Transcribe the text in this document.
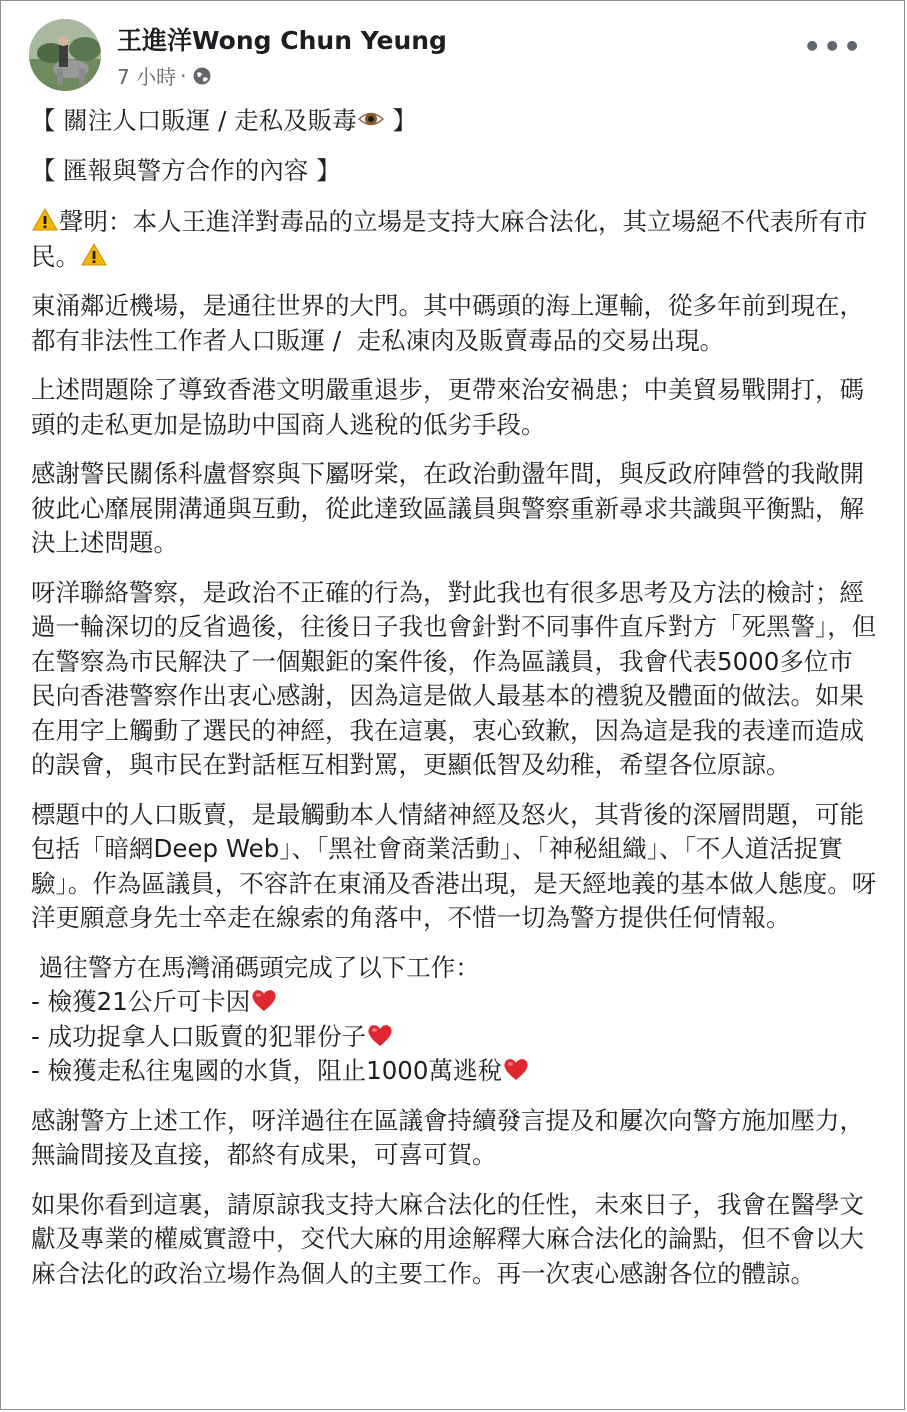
王進洋Wong Chun Yeung
7 小時 ·
•••

【 關注人口販運 / 走私及販毒 】

【 匯報與警方合作的內容 】

聲明：本人王進洋對毒品的立場是支持大麻合法化，其立場絕不代表所有市民。

東涌鄰近機場，是通往世界的大門。其中碼頭的海上運輸，從多年前到現在，都有非法性工作者人口販運 /  走私凍肉及販賣毒品的交易出現。

上述問題除了導致香港文明嚴重退步，更帶來治安禍患；中美貿易戰開打，碼頭的走私更加是協助中国商人逃稅的低劣手段。

感謝警民關係科盧督察與下屬呀棠，在政治動盪年間，與反政府陣營的我敞開彼此心靡展開溝通與互動，從此達致區議員與警察重新尋求共識與平衡點，解決上述問題。

呀洋聯絡警察，是政治不正確的行為，對此我也有很多思考及方法的檢討；經過一輪深切的反省過後，往後日子我也會針對不同事件直斥對方「死黑警」，但在警察為市民解決了一個艱鉅的案件後，作為區議員，我會代表5000多位市民向香港警察作出衷心感謝，因為這是做人最基本的禮貌及體面的做法。如果在用字上觸動了選民的神經，我在這裏，衷心致歉，因為這是我的表達而造成的誤會，與市民在對話框互相對罵，更顯低智及幼稚，希望各位原諒。

標題中的人口販賣，是最觸動本人情緒神經及怒火，其背後的深層問題，可能包括「暗網Deep Web」、「黑社會商業活動」、「神秘組織」、「不人道活捉實驗」。作為區議員，不容許在東涌及香港出現，是天經地義的基本做人態度。呀洋更願意身先士卒走在線索的角落中，不惜一切為警方提供任何情報。

過往警方在馬灣涌碼頭完成了以下工作：

- 檢獲21公斤可卡因

- 成功捉拿人口販賣的犯罪份子

- 檢獲走私往鬼國的水貨，阻止1000萬逃稅

感謝警方上述工作，呀洋過往在區議會持續發言提及和屢次向警方施加壓力，無論間接及直接，都終有成果，可喜可賀。

如果你看到這裏，請原諒我支持大麻合法化的任性，未來日子，我會在醫學文獻及專業的權威實證中，交代大麻的用途解釋大麻合法化的論點，但不會以大麻合法化的政治立場作為個人的主要工作。再一次衷心感謝各位的體諒。
